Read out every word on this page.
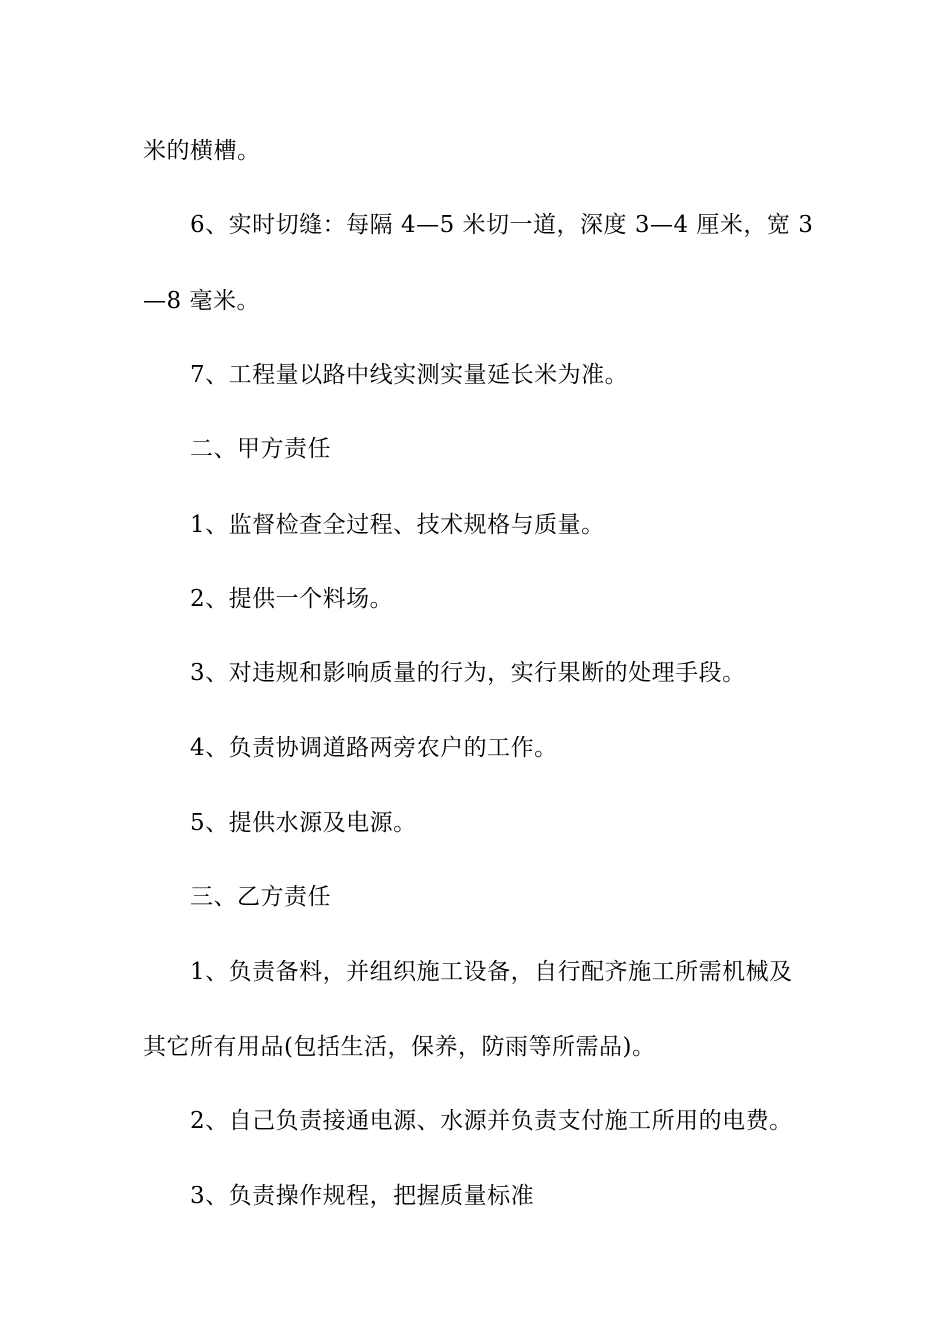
米的横槽。
6、实时切缝：每隔 4—5 米切一道，深度 3—4 厘米，宽 3
—8 毫米。
7、工程量以路中线实测实量延长米为准。
二、甲方责任
1、监督检查全过程、技术规格与质量。
2、提供一个料场。
3、对违规和影响质量的行为，实行果断的处理手段。
4、负责协调道路两旁农户的工作。
5、提供水源及电源。
三、乙方责任
1、负责备料，并组织施工设备，自行配齐施工所需机械及
其它所有用品(包括生活，保养，防雨等所需品)。
2、自己负责接通电源、水源并负责支付施工所用的电费。
3、负责操作规程，把握质量标准
